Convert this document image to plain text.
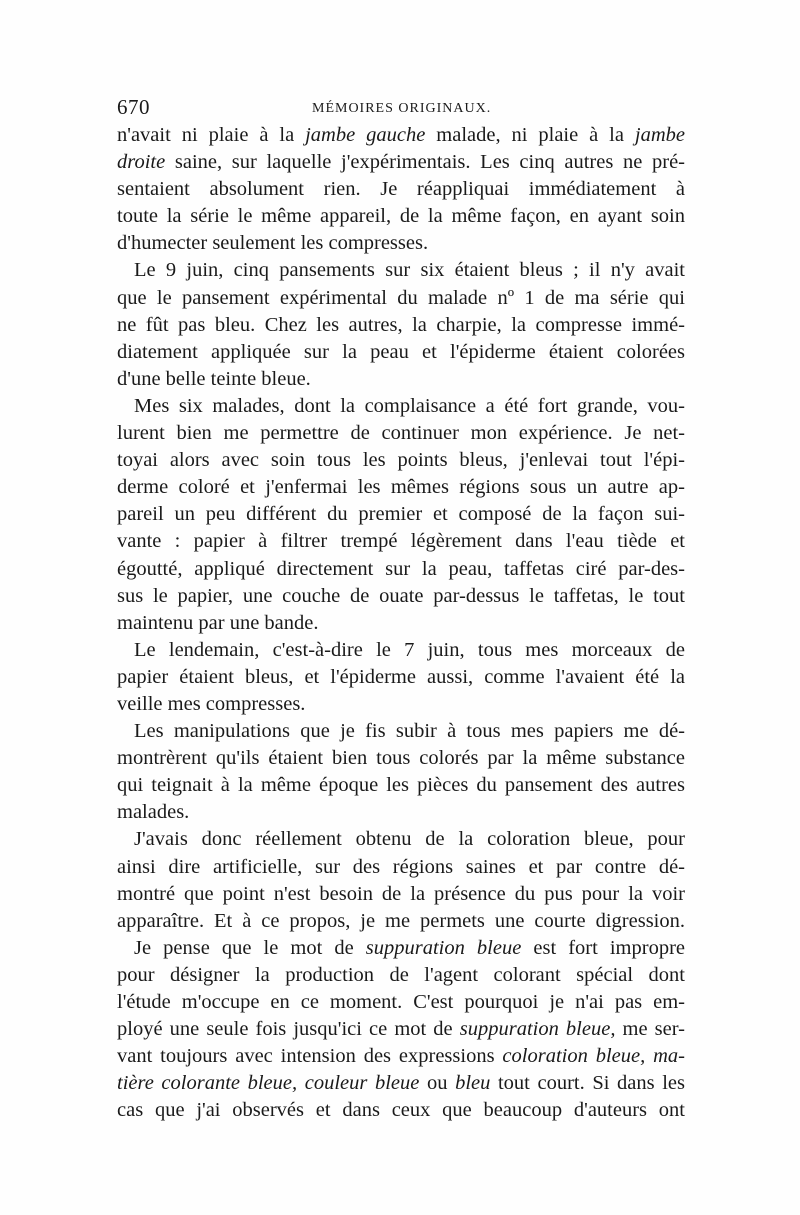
670	MÉMOIRES ORIGINAUX.
n'avait ni plaie à la jambe gauche malade, ni plaie à la jambe
droite saine, sur laquelle j'expérimentais. Les cinq autres ne pré-
sentaient absolument rien. Je réappliquai immédiatement à
toute la série le même appareil, de la même façon, en ayant soin
d'humecter seulement les compresses.
Le 9 juin, cinq pansements sur six étaient bleus ; il n'y avait
que le pansement expérimental du malade nº 1 de ma série qui
ne fût pas bleu. Chez les autres, la charpie, la compresse immé-
diatement appliquée sur la peau et l'épiderme étaient colorées
d'une belle teinte bleue.
Mes six malades, dont la complaisance a été fort grande, vou-
lurent bien me permettre de continuer mon expérience. Je net-
toyai alors avec soin tous les points bleus, j'enlevai tout l'épi-
derme coloré et j'enfermai les mêmes régions sous un autre ap-
pareil un peu différent du premier et composé de la façon sui-
vante : papier à filtrer trempé légèrement dans l'eau tiède et
égoutté, appliqué directement sur la peau, taffetas ciré par-des-
sus le papier, une couche de ouate par-dessus le taffetas, le tout
maintenu par une bande.
Le lendemain, c'est-à-dire le 7 juin, tous mes morceaux de
papier étaient bleus, et l'épiderme aussi, comme l'avaient été la
veille mes compresses.
Les manipulations que je fis subir à tous mes papiers me dé-
montrèrent qu'ils étaient bien tous colorés par la même substance
qui teignait à la même époque les pièces du pansement des autres
malades.
J'avais donc réellement obtenu de la coloration bleue, pour
ainsi dire artificielle, sur des régions saines et par contre dé-
montré que point n'est besoin de la présence du pus pour la voir
apparaître. Et à ce propos, je me permets une courte digression.
Je pense que le mot de suppuration bleue est fort impropre
pour désigner la production de l'agent colorant spécial dont
l'étude m'occupe en ce moment. C'est pourquoi je n'ai pas em-
ployé une seule fois jusqu'ici ce mot de suppuration bleue, me ser-
vant toujours avec intension des expressions coloration bleue, ma-
tière colorante bleue, couleur bleue ou bleu tout court. Si dans les
cas que j'ai observés et dans ceux que beaucoup d'auteurs ont
